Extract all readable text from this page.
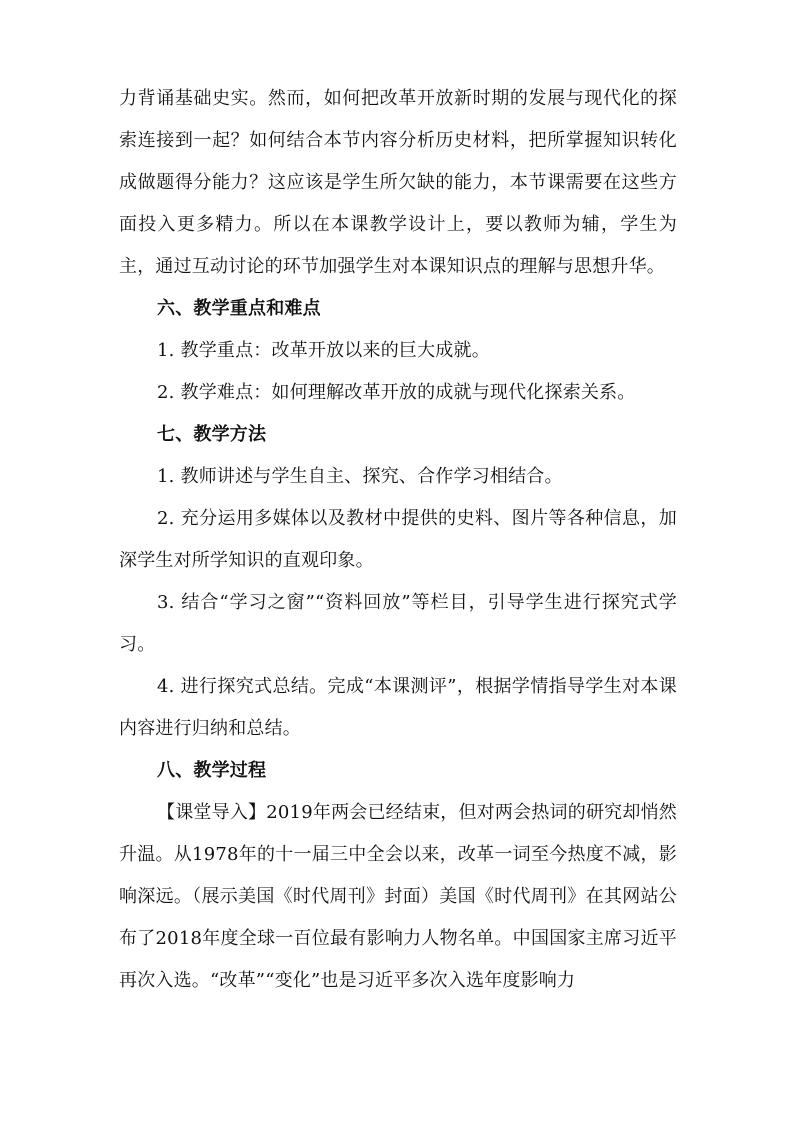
力背诵基础史实。然而，如何把改革开放新时期的发展与现代化的探索连接到一起？如何结合本节内容分析历史材料，把所掌握知识转化成做题得分能力？这应该是学生所欠缺的能力，本节课需要在这些方面投入更多精力。所以在本课教学设计上，要以教师为辅，学生为主，通过互动讨论的环节加强学生对本课知识点的理解与思想升华。

六、教学重点和难点

1. 教学重点：改革开放以来的巨大成就。

2. 教学难点：如何理解改革开放的成就与现代化探索关系。

七、教学方法

1. 教师讲述与学生自主、探究、合作学习相结合。

2. 充分运用多媒体以及教材中提供的史料、图片等各种信息，加深学生对所学知识的直观印象。

3. 结合“学习之窗”“资料回放”等栏目，引导学生进行探究式学习。

4. 进行探究式总结。完成“本课测评”，根据学情指导学生对本课内容进行归纳和总结。

八、教学过程

【课堂导入】2019年两会已经结束，但对两会热词的研究却悄然升温。从1978年的十一届三中全会以来，改革一词至今热度不减，影响深远。（展示美国《时代周刊》封面）美国《时代周刊》在其网站公布了2018年度全球一百位最有影响力人物名单。中国国家主席习近平再次入选。“改革”“变化”也是习近平多次入选年度影响力
